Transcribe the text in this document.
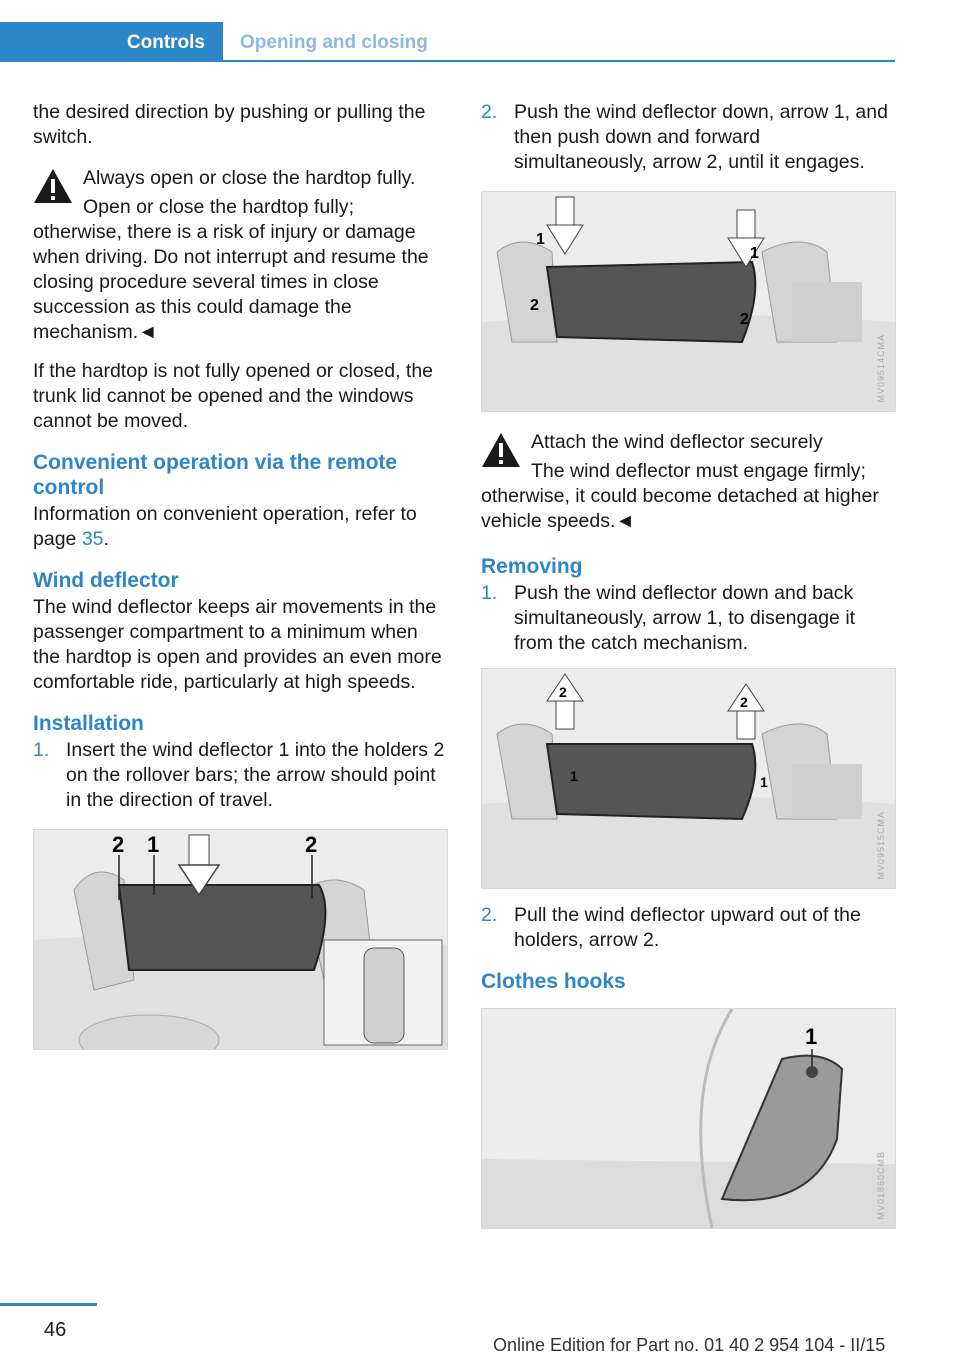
Controls Opening and closing

the desired direction by pushing or pulling the switch.

Always open or close the hardtop fully.
Open or close the hardtop fully; otherwise, there is a risk of injury or damage when driving. Do not interrupt and resume the closing procedure several times in close succession as this could damage the mechanism.◄

If the hardtop is not fully opened or closed, the trunk lid cannot be opened and the windows cannot be moved.

Convenient operation via the remote control

Information on convenient operation, refer to page 35.

Wind deflector

The wind deflector keeps air movements in the passenger compartment to a minimum when the hardtop is open and provides an even more comfortable ride, particularly at high speeds.

Installation
1. Insert the wind deflector 1 into the holders 2 on the rollover bars; the arrow should point in the direction of travel.
2 1	2
2. Push the wind deflector down, arrow 1, and then push down and forward simultaneously, arrow 2, until it engages.
1
2
1
2
MV09514CMA
Attach the wind deflector securely
The wind deflector must engage firmly; otherwise, it could become detached at higher vehicle speeds.◄
Removing
1. Push the wind deflector down and back simultaneously, arrow 1, to disengage it from the catch mechanism.
2
1
2
1
MV09515CMA
2. Pull the wind deflector upward out of the holders, arrow 2.
Clothes hooks
1
MV01860CMB
46
Online Edition for Part no. 01 40 2 954 104 - II/15
